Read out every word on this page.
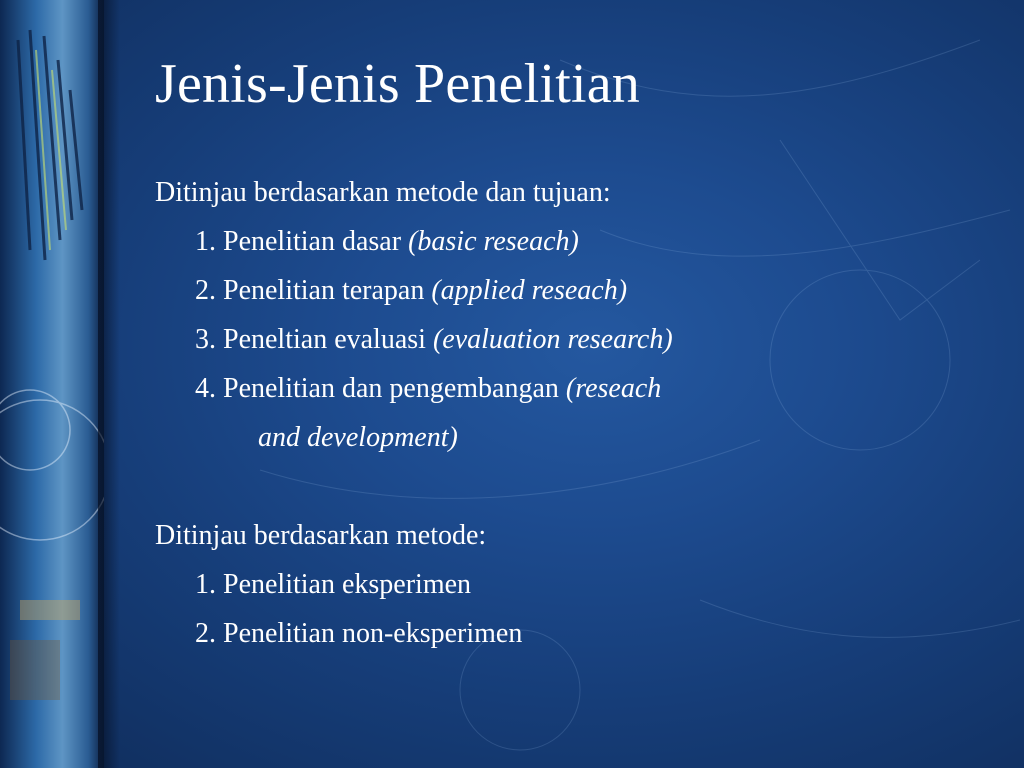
Jenis-Jenis Penelitian
Ditinjau berdasarkan metode dan tujuan:
1. Penelitian dasar (basic reseach)
2. Penelitian terapan (applied reseach)
3. Peneltian evaluasi (evaluation research)
4. Penelitian dan pengembangan (reseach
and development)
Ditinjau berdasarkan metode:
1. Penelitian eksperimen
2. Penelitian non-eksperimen
